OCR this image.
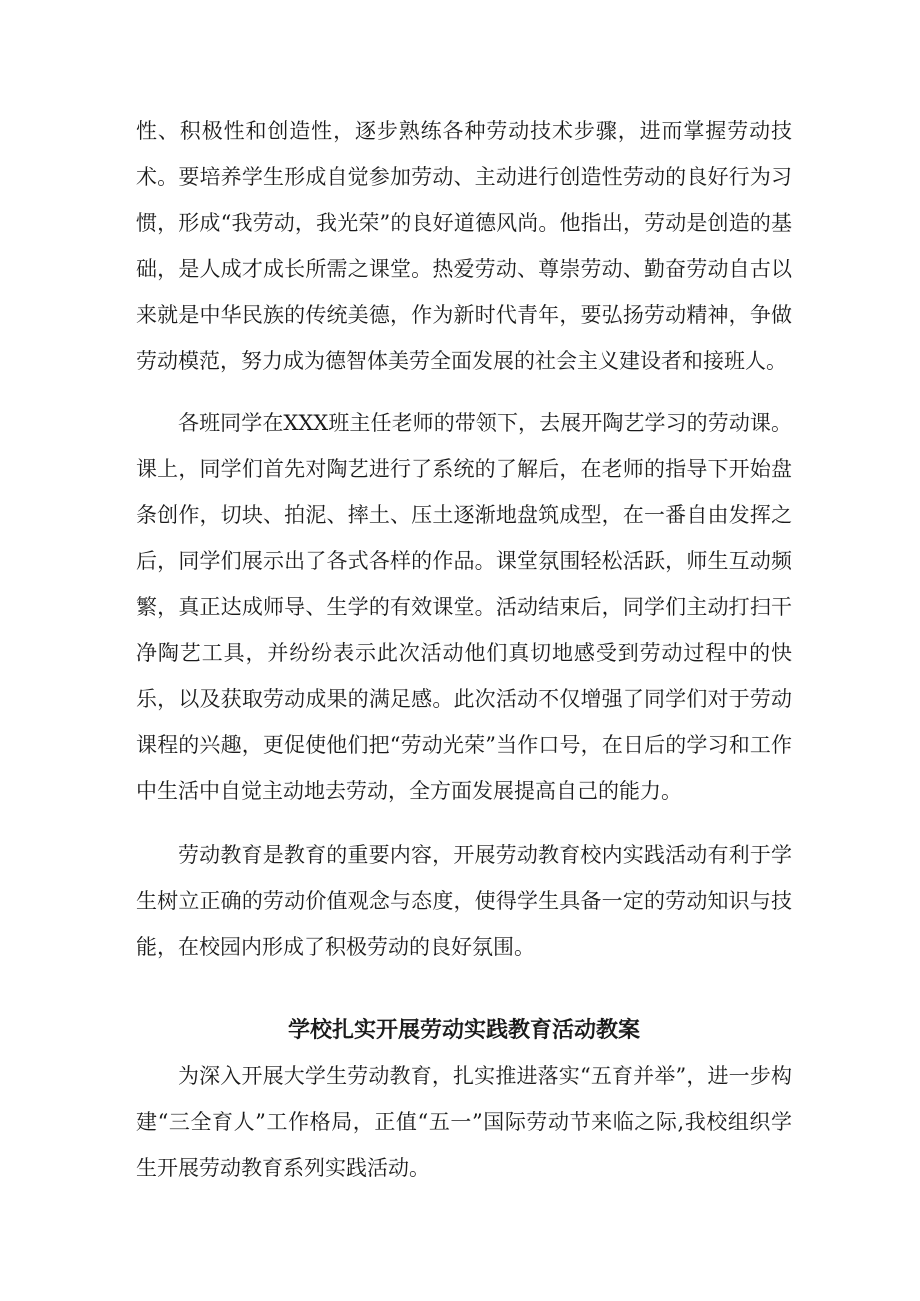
性、积极性和创造性，逐步熟练各种劳动技术步骤，进而掌握劳动技术。要培养学生形成自觉参加劳动、主动进行创造性劳动的良好行为习惯，形成“我劳动，我光荣”的良好道德风尚。他指出，劳动是创造的基础，是人成才成长所需之课堂。热爱劳动、尊崇劳动、勤奋劳动自古以来就是中华民族的传统美德，作为新时代青年，要弘扬劳动精神，争做劳动模范，努力成为德智体美劳全面发展的社会主义建设者和接班人。

各班同学在XXX班主任老师的带领下，去展开陶艺学习的劳动课。课上，同学们首先对陶艺进行了系统的了解后，在老师的指导下开始盘条创作，切块、拍泥、摔土、压土逐渐地盘筑成型，在一番自由发挥之后，同学们展示出了各式各样的作品。课堂氛围轻松活跃，师生互动频繁，真正达成师导、生学的有效课堂。活动结束后，同学们主动打扫干净陶艺工具，并纷纷表示此次活动他们真切地感受到劳动过程中的快乐，以及获取劳动成果的满足感。此次活动不仅增强了同学们对于劳动课程的兴趣，更促使他们把“劳动光荣”当作口号，在日后的学习和工作中生活中自觉主动地去劳动，全方面发展提高自己的能力。

劳动教育是教育的重要内容，开展劳动教育校内实践活动有利于学生树立正确的劳动价值观念与态度，使得学生具备一定的劳动知识与技能，在校园内形成了积极劳动的良好氛围。

学校扎实开展劳动实践教育活动教案

为深入开展大学生劳动教育，扎实推进落实“五育并举”，进一步构建“三全育人”工作格局，正值“五一”国际劳动节来临之际,我校组织学生开展劳动教育系列实践活动。
